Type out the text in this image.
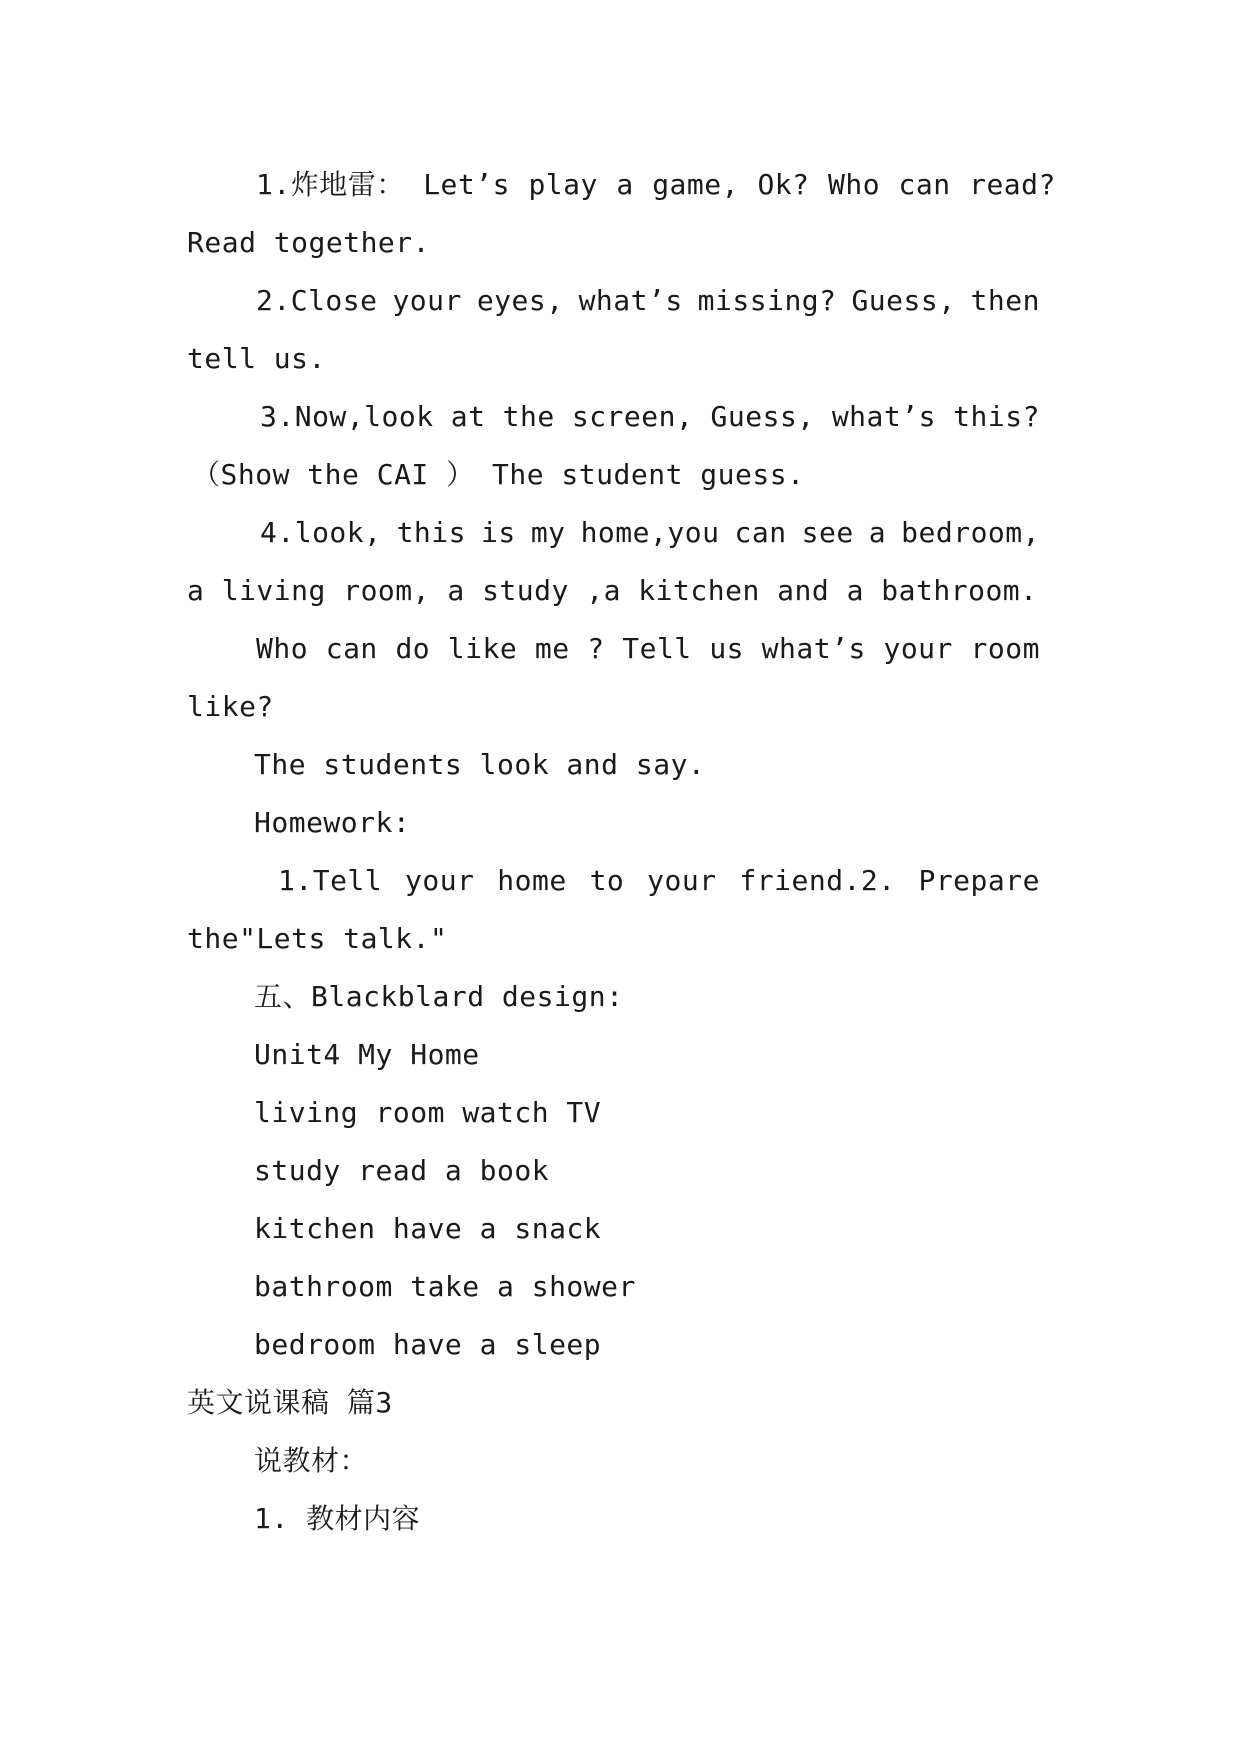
1.炸地雷： Let’s play a game, Ok? Who can read?
Read together.
2.Close your eyes, what’s missing? Guess, then
tell us.
3.Now,look at the screen, Guess, what’s this?
（Show the CAI ） The student guess.
4.look, this is my home,you can see a bedroom,
a living room, a study ,a kitchen and a bathroom.
Who can do like me ? Tell us what’s your room
like?
The students look and say.
Homework:
1.Tell your home to your friend.2. Prepare
the"Lets talk."
五、Blackblard design:
Unit4 My Home
living room watch TV
study read a book
kitchen have a snack
bathroom take a shower
bedroom have a sleep
英文说课稿 篇3
说教材：
1. 教材内容
